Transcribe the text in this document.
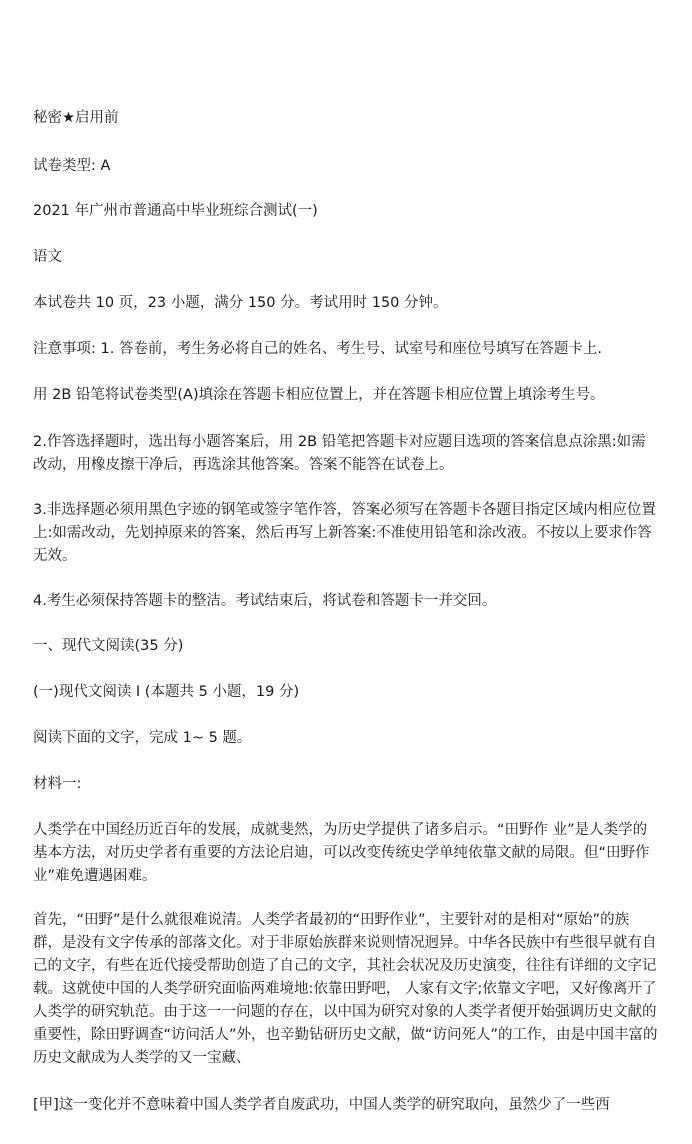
秘密★启用前
试卷类型: A
2021 年广州市普通高中毕业班综合测试(一)
语文
本试卷共 10 页，23 小题，满分 150 分。考试用时 150 分钟。
注意事项: 1. 答卷前，考生务必将自己的姓名、考生号、试室号和座位号填写在答题卡上.
用 2B 铅笔将试卷类型(A)填涂在答题卡相应位置上，并在答题卡相应位置上填涂考生号。
2.作答选择题时，选出每小题答案后，用 2B 铅笔把答题卡对应题目选项的答案信息点涂黑:如需改动，用橡皮擦干净后，再选涂其他答案。答案不能答在试卷上。
3.非选择题必须用黑色字迹的钢笔或签字笔作答，答案必须写在答题卡各题目指定区域内相应位置上:如需改动，先划掉原来的答案，然后再写上新答案:不准使用铅笔和涂改液。不按以上要求作答无效。
4.考生必须保持答题卡的整洁。考试结束后，将试卷和答题卡一并交回。
一、现代文阅读(35 分)
(一)现代文阅读 I (本题共 5 小题，19 分)
阅读下面的文字，完成 1~ 5 题。
材料一:
人类学在中国经历近百年的发展，成就斐然，为历史学提供了诸多启示。“田野作 业”是人类学的基本方法，对历史学者有重要的方法论启迪，可以改变传统史学单纯依靠文献的局限。但“田野作业”难免遭遇困难。
首先，“田野”是什么就很难说清。人类学者最初的“田野作业”，主要针对的是相对“原始”的族群，是没有文字传承的部落文化。对于非原始族群来说则情况迥异。中华各民族中有些很早就有自己的文字，有些在近代接受帮助创造了自己的文字，其社会状况及历史演变，往往有详细的文字记载。这就使中国的人类学研究面临两难境地:依靠田野吧， 人家有文字;依靠文字吧，又好像离开了人类学的研究轨范。由于这一一问题的存在，以中国为研究对象的人类学者便开始强调历史文献的重要性，除田野调查“访问活人”外，也辛勤钻研历史文献，做“访问死人”的工作，由是中国丰富的历史文献成为人类学的又一宝藏、
[甲]这一变化并不意味着中国人类学者自废武功，中国人类学的研究取向，虽然少了一些西
